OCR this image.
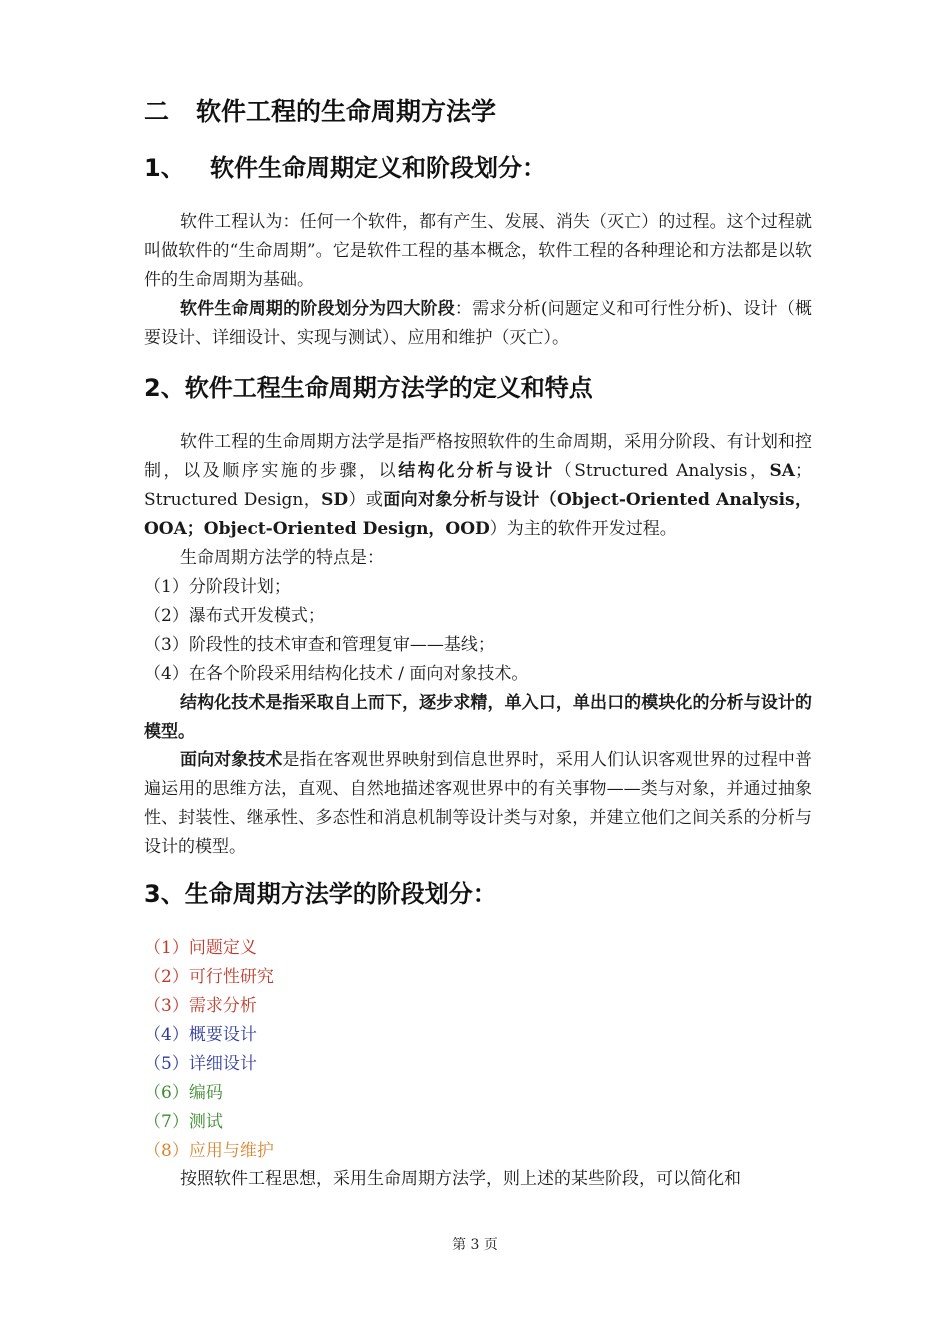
二 软件工程的生命周期方法学
1、 软件生命周期定义和阶段划分：
软件工程认为：任何一个软件，都有产生、发展、消失（灭亡）的过程。这个过程就叫做软件的“生命周期”。它是软件工程的基本概念，软件工程的各种理论和方法都是以软件的生命周期为基础。
软件生命周期的阶段划分为四大阶段：需求分析(问题定义和可行性分析)、设计（概要设计、详细设计、实现与测试）、应用和维护（灭亡）。
2、软件工程生命周期方法学的定义和特点
软件工程的生命周期方法学是指严格按照软件的生命周期，采用分阶段、有计划和控制，以及顺序实施的步骤，以结构化分析与设计（Structured Analysis，SA；Structured Design，SD）或面向对象分析与设计（Object-Oriented Analysis，OOA；Object-Oriented Design，OOD）为主的软件开发过程。
生命周期方法学的特点是：
（1）分阶段计划；
（2）瀑布式开发模式；
（3）阶段性的技术审查和管理复审——基线；
（4）在各个阶段采用结构化技术 / 面向对象技术。
结构化技术是指采取自上而下，逐步求精，单入口，单出口的模块化的分析与设计的模型。
面向对象技术是指在客观世界映射到信息世界时，采用人们认识客观世界的过程中普遍运用的思维方法，直观、自然地描述客观世界中的有关事物——类与对象，并通过抽象性、封装性、继承性、多态性和消息机制等设计类与对象，并建立他们之间关系的分析与设计的模型。
3、生命周期方法学的阶段划分：
（1）问题定义
（2）可行性研究
（3）需求分析
（4）概要设计
（5）详细设计
（6）编码
（7）测试
（8）应用与维护
按照软件工程思想，采用生命周期方法学，则上述的某些阶段，可以简化和
第 3 页
